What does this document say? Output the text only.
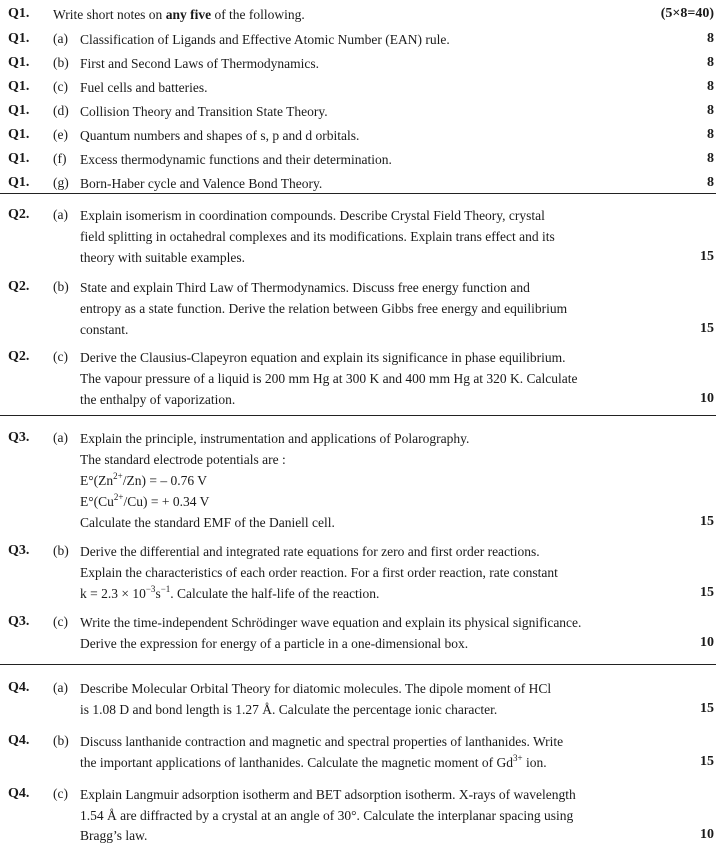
Q1. Write short notes on any five of the following.	(5×8=40)
Q1. (a) Classification of Ligands and Effective Atomic Number (EAN) rule.	8
Q1. (b) First and Second Laws of Thermodynamics.	8
Q1. (c) Fuel cells and batteries.	8
Q1. (d) Collision Theory and Transition State Theory.	8
Q1. (e) Quantum numbers and shapes of s, p and d orbitals.	8
Q1. (f) Excess thermodynamic functions and their determination.	8
Q1. (g) Born-Haber cycle and Valence Bond Theory.	8
Q2. (a) Explain isomerism in coordination compounds. Describe Crystal Field Theory, crystal
field splitting in octahedral complexes and its modifications. Explain trans effect and its
theory with suitable examples.	15
Q2. (b) State and explain Third Law of Thermodynamics. Discuss free energy function and
entropy as a state function. Derive the relation between Gibbs free energy and equilibrium
constant.	15
Q2. (c) Derive the Clausius-Clapeyron equation and explain its significance in phase equilibrium.
The vapour pressure of a liquid is 200 mm Hg at 300 K and 400 mm Hg at 320 K. Calculate
the enthalpy of vaporization.	10
Q3. (a) Explain the principle, instrumentation and applications of Polarography.
The standard electrode potentials are :
$E^\circ(Zn^{2+}/Zn)$ = – 0.76 V
$E^\circ(Cu^{2+}/Cu)$ = + 0.34 V
Calculate the standard EMF of the Daniell cell.	15
Q3. (b) Derive the differential and integrated rate equations for zero and first order reactions.
Explain the characteristics of each order reaction. For a first order reaction, rate constant
$k = 2.3 \times 10^{-3}s^{-1}$. Calculate the half-life of the reaction.	15
Q3. (c) Write the time-independent Schrödinger wave equation and explain its physical significance.
Derive the expression for energy of a particle in a one-dimensional box.	10
Q4. (a) Describe Molecular Orbital Theory for diatomic molecules. The dipole moment of HCl
is 1.08 D and bond length is 1.27 Å. Calculate the percentage ionic character.	15
Q4. (b) Discuss lanthanide contraction and magnetic and spectral properties of lanthanides. Write
the important applications of lanthanides. Calculate the magnetic moment of $Gd^{3+}$ ion.	15
Q4. (c) Explain Langmuir adsorption isotherm and BET adsorption isotherm. X-rays of wavelength
1.54 Å are diffracted by a crystal at an angle of 30°. Calculate the interplanar spacing using
Bragg’s law.	10
